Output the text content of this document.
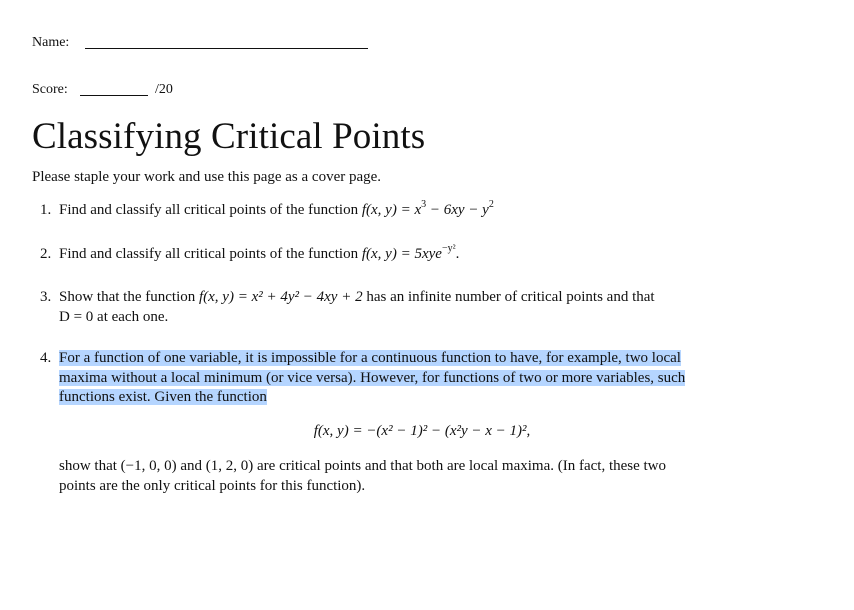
Name:
Score:	/20
Classifying Critical Points
Please staple your work and use this page as a cover page.
1. Find and classify all critical points of the function f(x, $y) = x^3 - 6xy - y^2$
2. Find and classify all critical points of the function f(x, y) = 5xye$^{-y^2}$.
3. Show that the function f(x, y) = x² + 4y² − 4xy + 2 has an infinite number of critical points and that
D = 0 at each one.
4. For a function of one variable, it is impossible for a continuous function to have, for example, two local
maxima without a local minimum (or vice versa). However, for functions of two or more variables, such
functions exist. Given the function
f(x, y) = −(x² − 1)² − (x²y − x − 1)²,
show that (−1, 0, 0) and (1, 2, 0) are critical points and that both are local maxima. (In fact, these two
points are the only critical points for this function).
